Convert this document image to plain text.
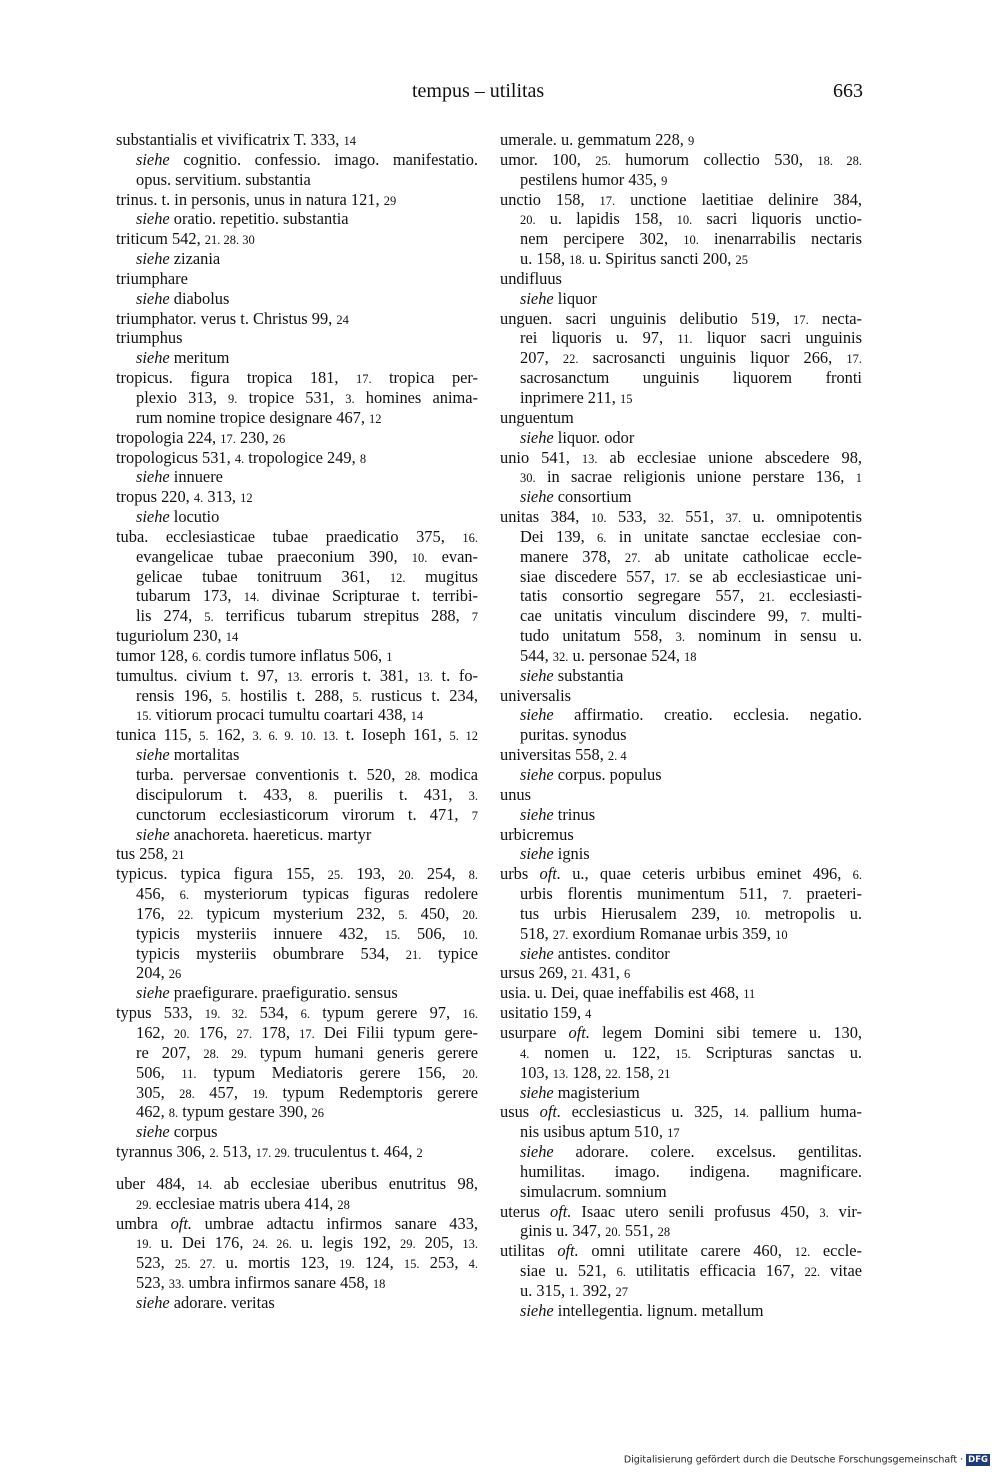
tempus – utilitas	663
substantialis et vivificatrix T. 333, 14
siehe cognitio. confessio. imago. manifestatio.
opus. servitium. substantia
trinus. t. in personis, unus in natura 121, 29
siehe oratio. repetitio. substantia
triticum 542, 21. 28. 30
siehe zizania
triumphare
siehe diabolus
triumphator. verus t. Christus 99, 24
triumphus
siehe meritum
tropicus. figura tropica 181, 17. tropica per-
plexio 313, 9. tropice 531, 3. homines anima-
rum nomine tropice designare 467, 12
tropologia 224, 17. 230, 26
tropologicus 531, 4. tropologice 249, 8
siehe innuere
tropus 220, 4. 313, 12
siehe locutio
tuba. ecclesiasticae tubae praedicatio 375, 16.
evangelicae tubae praeconium 390, 10. evan-
gelicae tubae tonitruum 361, 12. mugitus
tubarum 173, 14. divinae Scripturae t. terribi-
lis 274, 5. terrificus tubarum strepitus 288, 7
tuguriolum 230, 14
tumor 128, 6. cordis tumore inflatus 506, 1
tumultus. civium t. 97, 13. erroris t. 381, 13. t. fo-
rensis 196, 5. hostilis t. 288, 5. rusticus t. 234,
15. vitiorum procaci tumultu coartari 438, 14
tunica 115, 5. 162, 3. 6. 9. 10. 13. t. Ioseph 161, 5. 12
siehe mortalitas
turba. perversae conventionis t. 520, 28. modica
discipulorum t. 433, 8. puerilis t. 431, 3.
cunctorum ecclesiasticorum virorum t. 471, 7
siehe anachoreta. haereticus. martyr
tus 258, 21
typicus. typica figura 155, 25. 193, 20. 254, 8.
456, 6. mysteriorum typicas figuras redolere
176, 22. typicum mysterium 232, 5. 450, 20.
typicis mysteriis innuere 432, 15. 506, 10.
typicis mysteriis obumbrare 534, 21. typice
204, 26
siehe praefigurare. praefiguratio. sensus
typus 533, 19. 32. 534, 6. typum gerere 97, 16.
162, 20. 176, 27. 178, 17. Dei Filii typum gere-
re 207, 28. 29. typum humani generis gerere
506, 11. typum Mediatoris gerere 156, 20.
305, 28. 457, 19. typum Redemptoris gerere
462, 8. typum gestare 390, 26
siehe corpus
tyrannus 306, 2. 513, 17. 29. truculentus t. 464, 2
uber 484, 14. ab ecclesiae uberibus enutritus 98,
29. ecclesiae matris ubera 414, 28
umbra oft. umbrae adtactu infirmos sanare 433,
19. u. Dei 176, 24. 26. u. legis 192, 29. 205, 13.
523, 25. 27. u. mortis 123, 19. 124, 15. 253, 4.
523, 33. umbra infirmos sanare 458, 18
siehe adorare. veritas
umerale. u. gemmatum 228, 9
umor. 100, 25. humorum collectio 530, 18. 28.
pestilens humor 435, 9
unctio 158, 17. unctione laetitiae delinire 384,
20. u. lapidis 158, 10. sacri liquoris unctio-
nem percipere 302, 10. inenarrabilis nectaris
u. 158, 18. u. Spiritus sancti 200, 25
undifluus
siehe liquor
unguen. sacri unguinis delibutio 519, 17. necta-
rei liquoris u. 97, 11. liquor sacri unguinis
207, 22. sacrosancti unguinis liquor 266, 17.
sacrosanctum unguinis liquorem fronti
inprimere 211, 15
unguentum
siehe liquor. odor
unio 541, 13. ab ecclesiae unione abscedere 98,
30. in sacrae religionis unione perstare 136, 1
siehe consortium
unitas 384, 10. 533, 32. 551, 37. u. omnipotentis
Dei 139, 6. in unitate sanctae ecclesiae con-
manere 378, 27. ab unitate catholicae eccle-
siae discedere 557, 17. se ab ecclesiasticae uni-
tatis consortio segregare 557, 21. ecclesiasti-
cae unitatis vinculum discindere 99, 7. multi-
tudo unitatum 558, 3. nominum in sensu u.
544, 32. u. personae 524, 18
siehe substantia
universalis
siehe affirmatio. creatio. ecclesia. negatio.
puritas. synodus
universitas 558, 2. 4
siehe corpus. populus
unus
siehe trinus
urbicremus
siehe ignis
urbs oft. u., quae ceteris urbibus eminet 496, 6.
urbis florentis munimentum 511, 7. praeteri-
tus urbis Hierusalem 239, 10. metropolis u.
518, 27. exordium Romanae urbis 359, 10
siehe antistes. conditor
ursus 269, 21. 431, 6
usia. u. Dei, quae ineffabilis est 468, 11
usitatio 159, 4
usurpare oft. legem Domini sibi temere u. 130,
4. nomen u. 122, 15. Scripturas sanctas u.
103, 13. 128, 22. 158, 21
siehe magisterium
usus oft. ecclesiasticus u. 325, 14. pallium huma-
nis usibus aptum 510, 17
siehe adorare. colere. excelsus. gentilitas.
humilitas. imago. indigena. magnificare.
simulacrum. somnium
uterus oft. Isaac utero senili profusus 450, 3. vir-
ginis u. 347, 20. 551, 28
utilitas oft. omni utilitate carere 460, 12. eccle-
siae u. 521, 6. utilitatis efficacia 167, 22. vitae
u. 315, 1. 392, 27
siehe intellegentia. lignum. metallum
Digitalisierung gefördert durch die Deutsche Forschungsgemeinschaft · DFG
